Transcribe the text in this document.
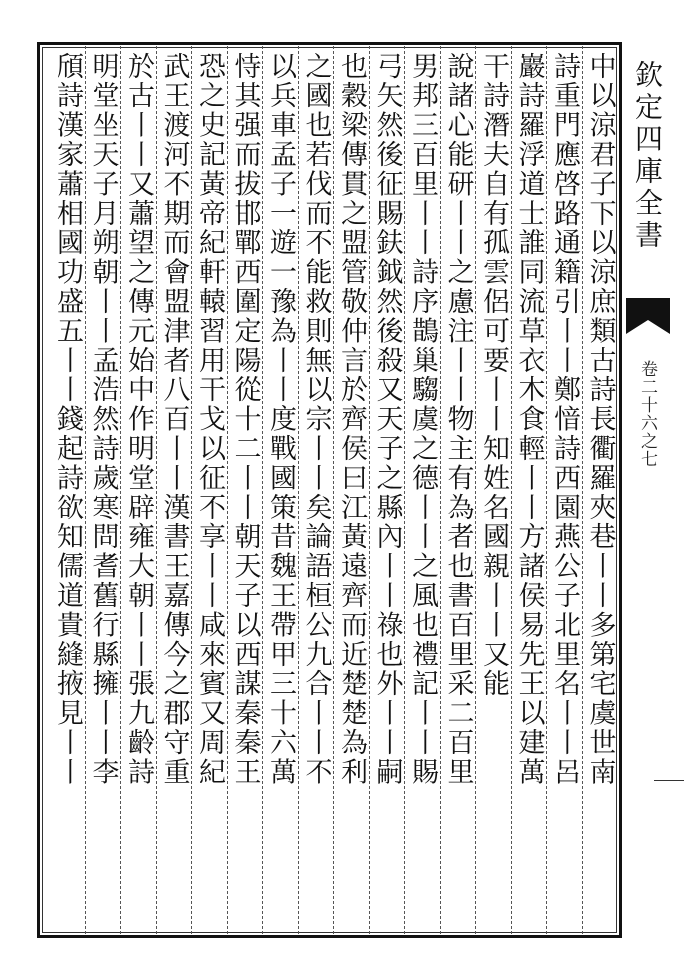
中以涼君子下以涼庶類古詩長衢羅夾巷丨丨多第宅虞世南
詩重門應啓路通籍引丨丨鄭愔詩西園燕公子北里名丨丨呂
巖詩羅浮道士誰同流草衣木食輕丨丨方諸侯易先王以建萬
干詩潛夫自有孤雲侶可要丨丨知姓名國親丨丨又能
說諸心能研丨丨之慮注丨丨物主有為者也書百里采二百里
男邦三百里丨丨詩序鵲巢騶虞之德丨丨之風也禮記丨丨賜
弓矢然後征賜鈇鉞然後殺又天子之縣內丨丨祿也外丨丨嗣
也穀梁傳貫之盟管敬仲言於齊侯曰江黃遠齊而近楚楚為利
之國也若伐而不能救則無以宗丨丨矣論語桓公九合丨丨不
以兵車孟子一遊一豫為丨丨度戰國策昔魏王帶甲三十六萬
恃其强而拔邯鄲西圍定陽從十二丨丨朝天子以西謀秦秦王
恐之史記黃帝紀軒轅習用干戈以征不享丨丨咸來賓又周紀
武王渡河不期而會盟津者八百丨丨漢書王嘉傳今之郡守重
於古丨丨又蕭望之傳元始中作明堂辟雍大朝丨丨張九齡詩
明堂坐天子月朔朝丨丨孟浩然詩歲寒問耆舊行縣擁丨丨李
頎詩漢家蕭相國功盛五丨丨錢起詩欲知儒道貴縫掖見丨丨	欽定四庫全書
卷二十六之七
